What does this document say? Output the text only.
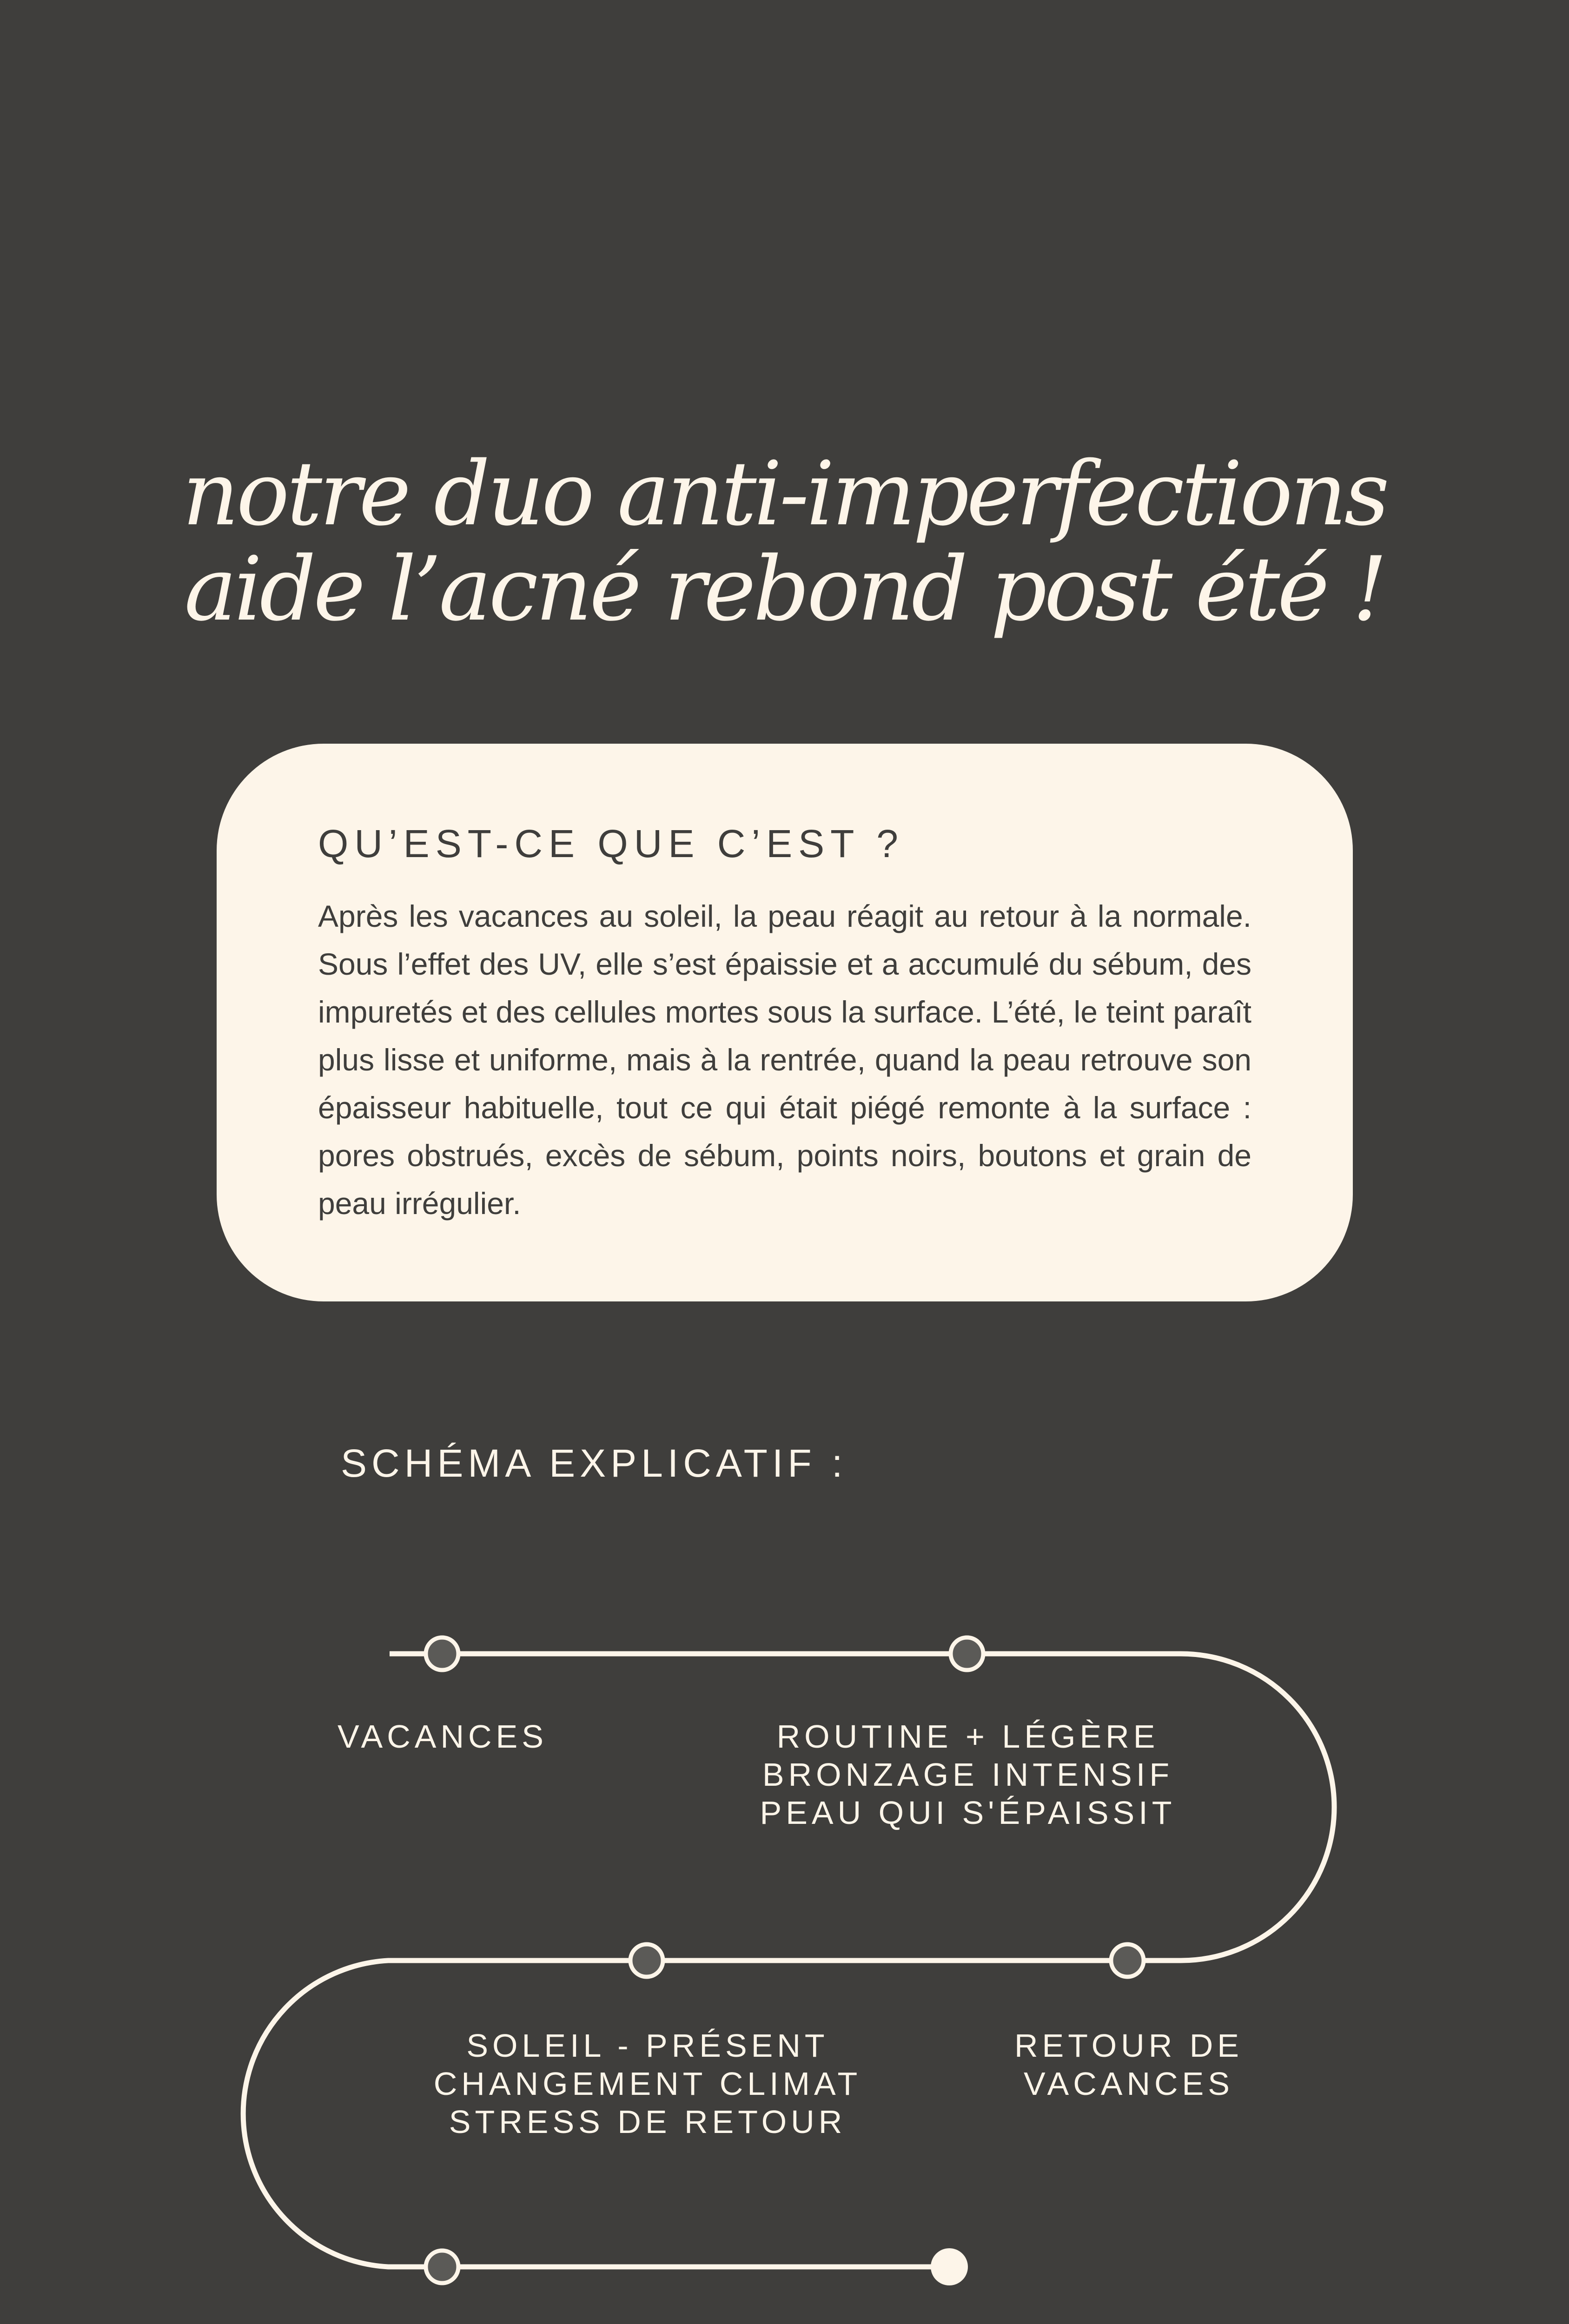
notre duo anti-imperfections
aide l’acné rebond post été !
QU’EST-CE QUE C’EST ?

Après les vacances au soleil, la peau réagit au retour à la normale. Sous l’effet des UV, elle s’est épaissie et a accumulé du sébum, des impuretés et des cellules mortes sous la surface. L’été, le teint paraît plus lisse et uniforme, mais à la rentrée, quand la peau retrouve son épaisseur habituelle, tout ce qui était piégé remonte à la surface : pores obstrués, excès de sébum, points noirs, boutons et grain de peau irrégulier.

SCHÉMA EXPLICATIF :
VACANCES	ROUTINE + LÉGÈRE
BRONZAGE INTENSIF
PEAU QUI S'ÉPAISSIT
RETOUR DE
VACANCES
SOLEIL - PRÉSENT
CHANGEMENT CLIMAT
STRESS DE RETOUR
